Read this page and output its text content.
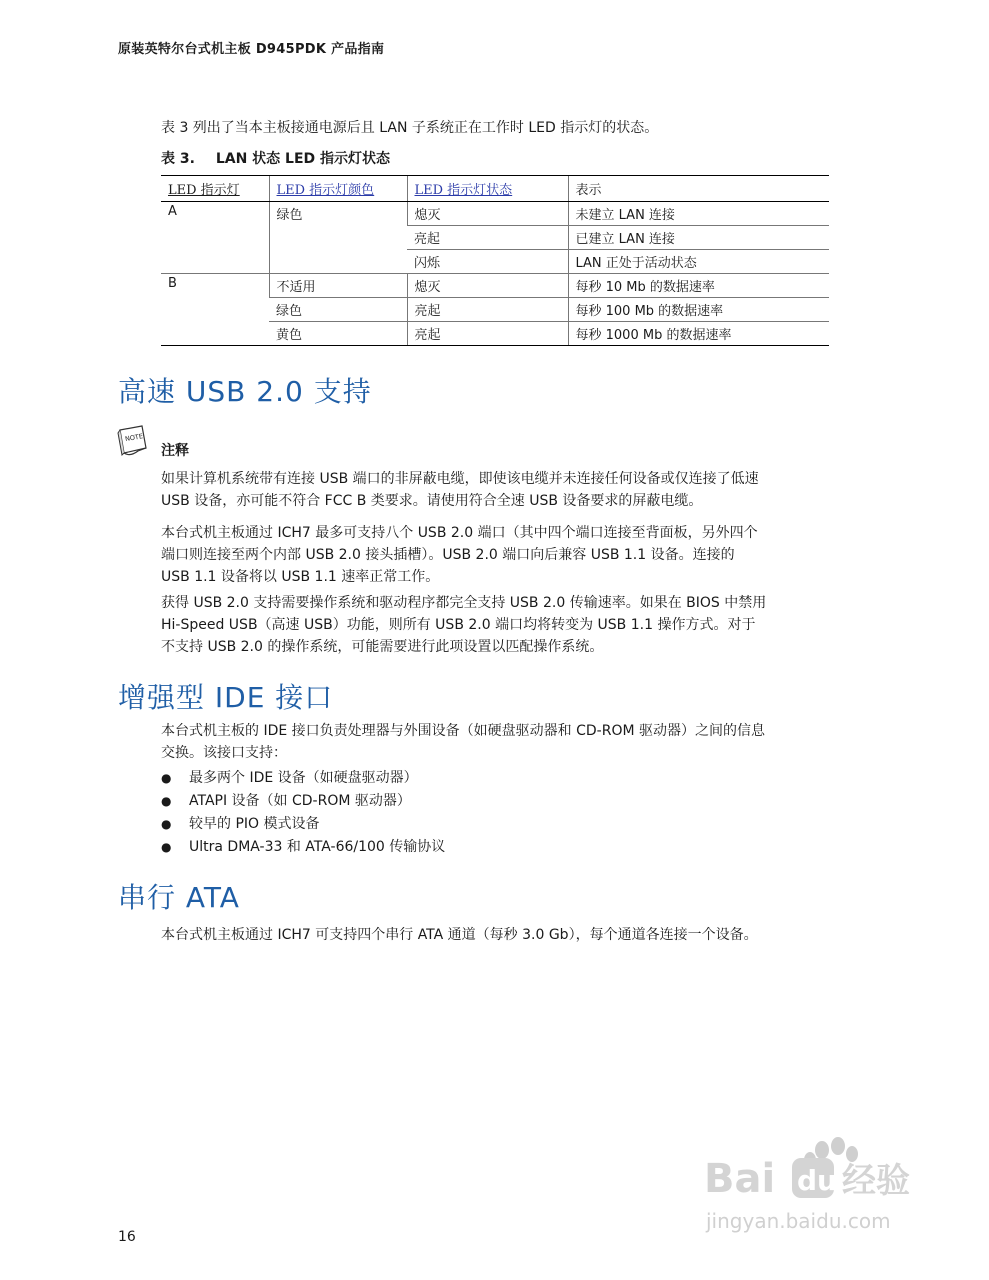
原装英特尔台式机主板 D945PDK 产品指南
表 3 列出了当本主板接通电源后且 LAN 子系统正在工作时 LED 指示灯的状态。
表 3. LAN 状态 LED 指示灯状态
LED 指示灯	LED 指示灯颜色	LED 指示灯状态	表示
A	绿色	熄灭	未建立 LAN 连接
		亮起	已建立 LAN 连接
		闪烁	LAN 正处于活动状态
B	不适用	熄灭	每秒 10 Mb 的数据速率
	绿色	亮起	每秒 100 Mb 的数据速率
	黄色	亮起	每秒 1000 Mb 的数据速率
高速 USB 2.0 支持
NOTE
注释
如果计算机系统带有连接 USB 端口的非屏蔽电缆，即使该电缆并未连接任何设备或仅连接了低速
USB 设备，亦可能不符合 FCC B 类要求。请使用符合全速 USB 设备要求的屏蔽电缆。
本台式机主板通过 ICH7 最多可支持八个 USB 2.0 端口（其中四个端口连接至背面板，另外四个
端口则连接至两个内部 USB 2.0 接头插槽）。USB 2.0 端口向后兼容 USB 1.1 设备。连接的
USB 1.1 设备将以 USB 1.1 速率正常工作。
获得 USB 2.0 支持需要操作系统和驱动程序都完全支持 USB 2.0 传输速率。如果在 BIOS 中禁用
Hi-Speed USB（高速 USB）功能，则所有 USB 2.0 端口均将转变为 USB 1.1 操作方式。对于
不支持 USB 2.0 的操作系统，可能需要进行此项设置以匹配操作系统。
增强型 IDE 接口
本台式机主板的 IDE 接口负责处理器与外围设备（如硬盘驱动器和 CD-ROM 驱动器）之间的信息
交换。该接口支持：
● 最多两个 IDE 设备（如硬盘驱动器）
● ATAPI 设备（如 CD-ROM 驱动器）
● 较早的 PIO 模式设备
● Ultra DMA-33 和 ATA-66/100 传输协议
串行 ATA
本台式机主板通过 ICH7 可支持四个串行 ATA 通道（每秒 3.0 Gb），每个通道各连接一个设备。
16
Bai du 经验
jingyan.baidu.com
